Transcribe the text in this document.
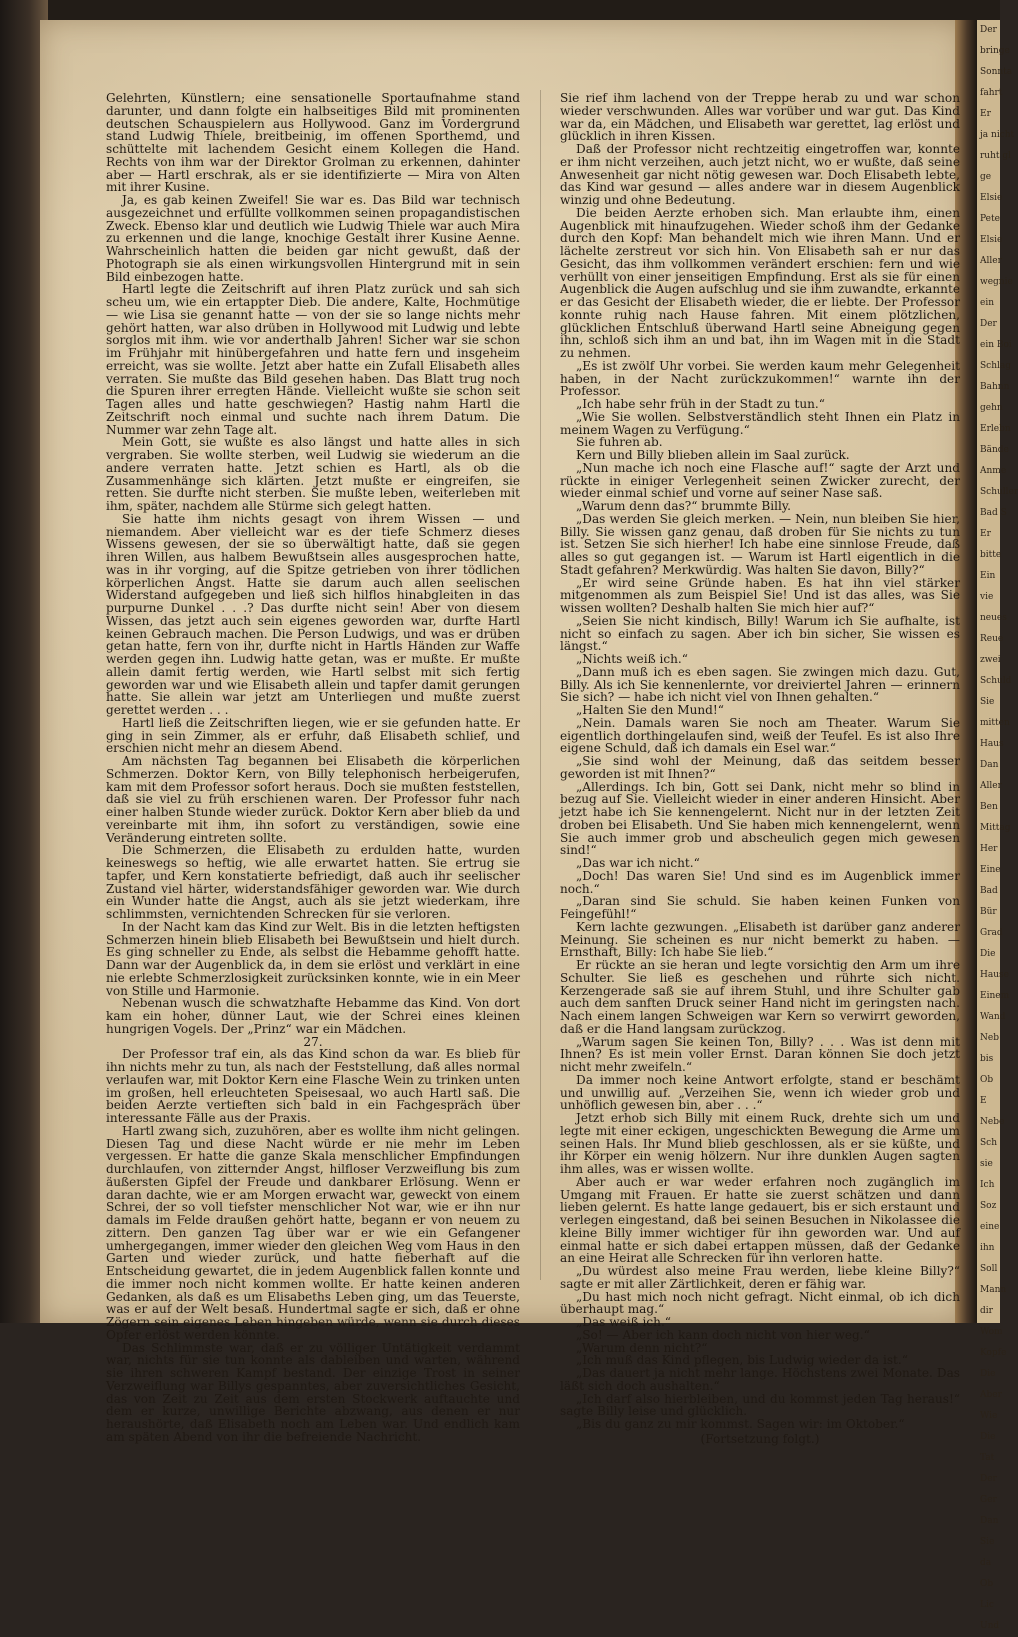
Der
bringe
Sonnta
fahrt
Er
ja nicht
ruht gl
ge
Elsie
Pete
Elsie
Aller
wegnie
ein
Der
ein Boi
Schlag
Bahnn
gehn
Erlebn
Bände
Anme
Schuller
Bad S
Er
bitte
Ein
vie
neues
Reue
zwei
Schuld
Sie
mitten
Haus
Dan
Aller
Ben
Mittag
Her
Eine
Bad
Bür
Grad
Die
Hause
Einem
Wand
Neb
bis
Ob
E
Nebe
Sch
sie
Ich
Soz
eine
ihn
Soll
Mann
dir
Wom
Kopfe
Die
Aber
Wie
Die
Tat
Der
Ger
Dan
Sie
da
Ob
Lic
Und

Gelehrten, Künstlern; eine sensationelle Sportaufnahme stand darunter, und dann folgte ein halbseitiges Bild mit prominenten deutschen Schauspielern aus Hollywood. Ganz im Vordergrund stand Ludwig Thiele, breitbeinig, im offenen Sporthemd, und schüttelte mit lachendem Gesicht einem Kollegen die Hand. Rechts von ihm war der Direktor Grolman zu erkennen, dahinter aber — Hartl erschrak, als er sie identifizierte — Mira von Alten mit ihrer Kusine.

Ja, es gab keinen Zweifel! Sie war es. Das Bild war technisch ausgezeichnet und erfüllte vollkommen seinen propagandistischen Zweck. Ebenso klar und deutlich wie Ludwig Thiele war auch Mira zu erkennen und die lange, knochige Gestalt ihrer Kusine Aenne. Wahrscheinlich hatten die beiden gar nicht gewußt, daß der Photograph sie als einen wirkungsvollen Hintergrund mit in sein Bild einbezogen hatte.

Hartl legte die Zeitschrift auf ihren Platz zurück und sah sich scheu um, wie ein ertappter Dieb. Die andere, Kalte, Hochmütige — wie Lisa sie genannt hatte — von der sie so lange nichts mehr gehört hatten, war also drüben in Hollywood mit Ludwig und lebte sorglos mit ihm. wie vor anderthalb Jahren! Sicher war sie schon im Frühjahr mit hinübergefahren und hatte fern und insgeheim erreicht, was sie wollte. Jetzt aber hatte ein Zufall Elisabeth alles verraten. Sie mußte das Bild gesehen haben. Das Blatt trug noch die Spuren ihrer erregten Hände. Vielleicht wußte sie schon seit Tagen alles und hatte geschwiegen? Hastig nahm Hartl die Zeitschrift noch einmal und suchte nach ihrem Datum. Die Nummer war zehn Tage alt.

Mein Gott, sie wußte es also längst und hatte alles in sich vergraben. Sie wollte sterben, weil Ludwig sie wiederum an die andere verraten hatte. Jetzt schien es Hartl, als ob die Zusammenhänge sich klärten. Jetzt mußte er eingreifen, sie retten. Sie durfte nicht sterben. Sie mußte leben, weiterleben mit ihm, später, nachdem alle Stürme sich gelegt hatten.

Sie hatte ihm nichts gesagt von ihrem Wissen — und niemandem. Aber vielleicht war es der tiefe Schmerz dieses Wissens gewesen, der sie so überwältigt hatte, daß sie gegen ihren Willen, aus halbem Bewußtsein alles ausgesprochen hatte, was in ihr vorging, auf die Spitze getrieben von ihrer tödlichen körperlichen Angst. Hatte sie darum auch allen seelischen Widerstand aufgegeben und ließ sich hilflos hinabgleiten in das purpurne Dunkel . . .? Das durfte nicht sein! Aber von diesem Wissen, das jetzt auch sein eigenes geworden war, durfte Hartl keinen Gebrauch machen. Die Person Ludwigs, und was er drüben getan hatte, fern von ihr, durfte nicht in Hartls Händen zur Waffe werden gegen ihn. Ludwig hatte getan, was er mußte. Er mußte allein damit fertig werden, wie Hartl selbst mit sich fertig geworden war und wie Elisabeth allein und tapfer damit gerungen hatte. Sie allein war jetzt am Unterliegen und mußte zuerst gerettet werden . . .

Hartl ließ die Zeitschriften liegen, wie er sie gefunden hatte. Er ging in sein Zimmer, als er erfuhr, daß Elisabeth schlief, und erschien nicht mehr an diesem Abend.

Am nächsten Tag begannen bei Elisabeth die körperlichen Schmerzen. Doktor Kern, von Billy telephonisch herbeigerufen, kam mit dem Professor sofort heraus. Doch sie mußten feststellen, daß sie viel zu früh erschienen waren. Der Professor fuhr nach einer halben Stunde wieder zurück. Doktor Kern aber blieb da und vereinbarte mit ihm, ihn sofort zu verständigen, sowie eine Veränderung eintreten sollte.

Die Schmerzen, die Elisabeth zu erdulden hatte, wurden keineswegs so heftig, wie alle erwartet hatten. Sie ertrug sie tapfer, und Kern konstatierte befriedigt, daß auch ihr seelischer Zustand viel härter, widerstandsfähiger geworden war. Wie durch ein Wunder hatte die Angst, auch als sie jetzt wiederkam, ihre schlimmsten, vernichtenden Schrecken für sie verloren.

In der Nacht kam das Kind zur Welt. Bis in die letzten heftigsten Schmerzen hinein blieb Elisabeth bei Bewußtsein und hielt durch. Es ging schneller zu Ende, als selbst die Hebamme gehofft hatte. Dann war der Augenblick da, in dem sie erlöst und verklärt in eine nie erlebte Schmerzlosigkeit zurücksinken konnte, wie in ein Meer von Stille und Harmonie.

Nebenan wusch die schwatzhafte Hebamme das Kind. Von dort kam ein hoher, dünner Laut, wie der Schrei eines kleinen hungrigen Vogels. Der „Prinz“ war ein Mädchen.

27.

Der Professor traf ein, als das Kind schon da war. Es blieb für ihn nichts mehr zu tun, als nach der Feststellung, daß alles normal verlaufen war, mit Doktor Kern eine Flasche Wein zu trinken unten im großen, hell erleuchteten Speisesaal, wo auch Hartl saß. Die beiden Aerzte vertieften sich bald in ein Fachgespräch über interessante Fälle aus der Praxis.

Hartl zwang sich, zuzuhören, aber es wollte ihm nicht gelingen. Diesen Tag und diese Nacht würde er nie mehr im Leben vergessen. Er hatte die ganze Skala menschlicher Empfindungen durchlaufen, von zitternder Angst, hilfloser Verzweiflung bis zum äußersten Gipfel der Freude und dankbarer Erlösung. Wenn er daran dachte, wie er am Morgen erwacht war, geweckt von einem Schrei, der so voll tiefster menschlicher Not war, wie er ihn nur damals im Felde draußen gehört hatte, begann er von neuem zu zittern. Den ganzen Tag über war er wie ein Gefangener umhergegangen, immer wieder den gleichen Weg vom Haus in den Garten und wieder zurück, und hatte fieberhaft auf die Entscheidung gewartet, die in jedem Augenblick fallen konnte und die immer noch nicht kommen wollte. Er hatte keinen anderen Gedanken, als daß es um Elisabeths Leben ging, um das Teuerste, was er auf der Welt besaß. Hundertmal sagte er sich, daß er ohne Zögern sein eigenes Leben hingeben würde, wenn sie durch dieses Opfer erlöst werden könnte.

Das Schlimmste war, daß er zu völliger Untätigkeit verdammt war, nichts für sie tun konnte als dableiben und warten, während sie ihren schweren Kampf bestand. Der einzige Trost in seiner Verzweiflung war Billys gespanntes, aber zuversichtliches Gesicht, das von Zeit zu Zeit aus dem ersten Stockwerk auftauchte und dem er kurze, unwillige Berichte abzwang, aus denen er nur heraushörte, daß Elisabeth noch am Leben war. Und endlich kam am späten Abend von ihr die befreiende Nachricht.

Sie rief ihm lachend von der Treppe herab zu und war schon wieder verschwunden. Alles war vorüber und war gut. Das Kind war da, ein Mädchen, und Elisabeth war gerettet, lag erlöst und glücklich in ihren Kissen.

Daß der Professor nicht rechtzeitig eingetroffen war, konnte er ihm nicht verzeihen, auch jetzt nicht, wo er wußte, daß seine Anwesenheit gar nicht nötig gewesen war. Doch Elisabeth lebte, das Kind war gesund — alles andere war in diesem Augenblick winzig und ohne Bedeutung.

Die beiden Aerzte erhoben sich. Man erlaubte ihm, einen Augenblick mit hinaufzugehen. Wieder schoß ihm der Gedanke durch den Kopf: Man behandelt mich wie ihren Mann. Und er lächelte zerstreut vor sich hin. Von Elisabeth sah er nur das Gesicht, das ihm vollkommen verändert erschien: fern und wie verhüllt von einer jenseitigen Empfindung. Erst als sie für einen Augenblick die Augen aufschlug und sie ihm zuwandte, erkannte er das Gesicht der Elisabeth wieder, die er liebte. Der Professor konnte ruhig nach Hause fahren. Mit einem plötzlichen, glücklichen Entschluß überwand Hartl seine Abneigung gegen ihn, schloß sich ihm an und bat, ihn im Wagen mit in die Stadt zu nehmen.

„Es ist zwölf Uhr vorbei. Sie werden kaum mehr Gelegenheit haben, in der Nacht zurückzukommen!“ warnte ihn der Professor.

„Ich habe sehr früh in der Stadt zu tun.“

„Wie Sie wollen. Selbstverständlich steht Ihnen ein Platz in meinem Wagen zu Verfügung.“

Sie fuhren ab.

Kern und Billy blieben allein im Saal zurück.

„Nun mache ich noch eine Flasche auf!“ sagte der Arzt und rückte in einiger Verlegenheit seinen Zwicker zurecht, der wieder einmal schief und vorne auf seiner Nase saß.

„Warum denn das?“ brummte Billy.

„Das werden Sie gleich merken. — Nein, nun bleiben Sie hier, Billy. Sie wissen ganz genau, daß droben für Sie nichts zu tun ist. Setzen Sie sich hierher! Ich habe eine sinnlose Freude, daß alles so gut gegangen ist. — Warum ist Hartl eigentlich in die Stadt gefahren? Merkwürdig. Was halten Sie davon, Billy?“

„Er wird seine Gründe haben. Es hat ihn viel stärker mitgenommen als zum Beispiel Sie! Und ist das alles, was Sie wissen wollten? Deshalb halten Sie mich hier auf?“

„Seien Sie nicht kindisch, Billy! Warum ich Sie aufhalte, ist nicht so einfach zu sagen. Aber ich bin sicher, Sie wissen es längst.“

„Nichts weiß ich.“

„Dann muß ich es eben sagen. Sie zwingen mich dazu. Gut, Billy. Als ich Sie kennenlernte, vor dreiviertel Jahren — erinnern Sie sich? — habe ich nicht viel von Ihnen gehalten.“

„Halten Sie den Mund!“

„Nein. Damals waren Sie noch am Theater. Warum Sie eigentlich dorthingelaufen sind, weiß der Teufel. Es ist also Ihre eigene Schuld, daß ich damals ein Esel war.“

„Sie sind wohl der Meinung, daß das seitdem besser geworden ist mit Ihnen?“

„Allerdings. Ich bin, Gott sei Dank, nicht mehr so blind in bezug auf Sie. Vielleicht wieder in einer anderen Hinsicht. Aber jetzt habe ich Sie kennengelernt. Nicht nur in der letzten Zeit droben bei Elisabeth. Und Sie haben mich kennengelernt, wenn Sie auch immer grob und abscheulich gegen mich gewesen sind!“

„Das war ich nicht.“

„Doch! Das waren Sie! Und sind es im Augenblick immer noch.“

„Daran sind Sie schuld. Sie haben keinen Funken von Feingefühl!“

Kern lachte gezwungen. „Elisabeth ist darüber ganz anderer Meinung. Sie scheinen es nur nicht bemerkt zu haben. — Ernsthaft, Billy: Ich habe Sie lieb.“

Er rückte an sie heran und legte vorsichtig den Arm um ihre Schulter. Sie ließ es geschehen und rührte sich nicht. Kerzengerade saß sie auf ihrem Stuhl, und ihre Schulter gab auch dem sanften Druck seiner Hand nicht im geringsten nach. Nach einem langen Schweigen war Kern so verwirrt geworden, daß er die Hand langsam zurückzog.

„Warum sagen Sie keinen Ton, Billy? . . . Was ist denn mit Ihnen? Es ist mein voller Ernst. Daran können Sie doch jetzt nicht mehr zweifeln.“

Da immer noch keine Antwort erfolgte, stand er beschämt und unwillig auf. „Verzeihen Sie, wenn ich wieder grob und unhöflich gewesen bin, aber . . .“

Jetzt erhob sich Billy mit einem Ruck, drehte sich um und legte mit einer eckigen, ungeschickten Bewegung die Arme um seinen Hals. Ihr Mund blieb geschlossen, als er sie küßte, und ihr Körper ein wenig hölzern. Nur ihre dunklen Augen sagten ihm alles, was er wissen wollte.

Aber auch er war weder erfahren noch zugänglich im Umgang mit Frauen. Er hatte sie zuerst schätzen und dann lieben gelernt. Es hatte lange gedauert, bis er sich erstaunt und verlegen eingestand, daß bei seinen Besuchen in Nikolassee die kleine Billy immer wichtiger für ihn geworden war. Und auf einmal hatte er sich dabei ertappen müssen, daß der Gedanke an eine Heirat alle Schrecken für ihn verloren hatte.

„Du würdest also meine Frau werden, liebe kleine Billy?“ sagte er mit aller Zärtlichkeit, deren er fähig war.

„Du hast mich noch nicht gefragt. Nicht einmal, ob ich dich überhaupt mag.“

„Das weiß ich.“

„So! — Aber ich kann doch nicht von hier weg.“

„Warum denn nicht?“

„Ich muß das Kind pflegen, bis Ludwig wieder da ist.“

„Das dauert ja nicht mehr lange. Höchstens zwei Monate. Das läßt sich doch aushalten.“

„Ich darf also hierbleiben, und du kommst jeden Tag heraus!“ sagte Billy leise und glücklich.

„Bis du ganz zu mir kommst. Sagen wir: im Oktober.“

(Fortsetzung folgt.)
